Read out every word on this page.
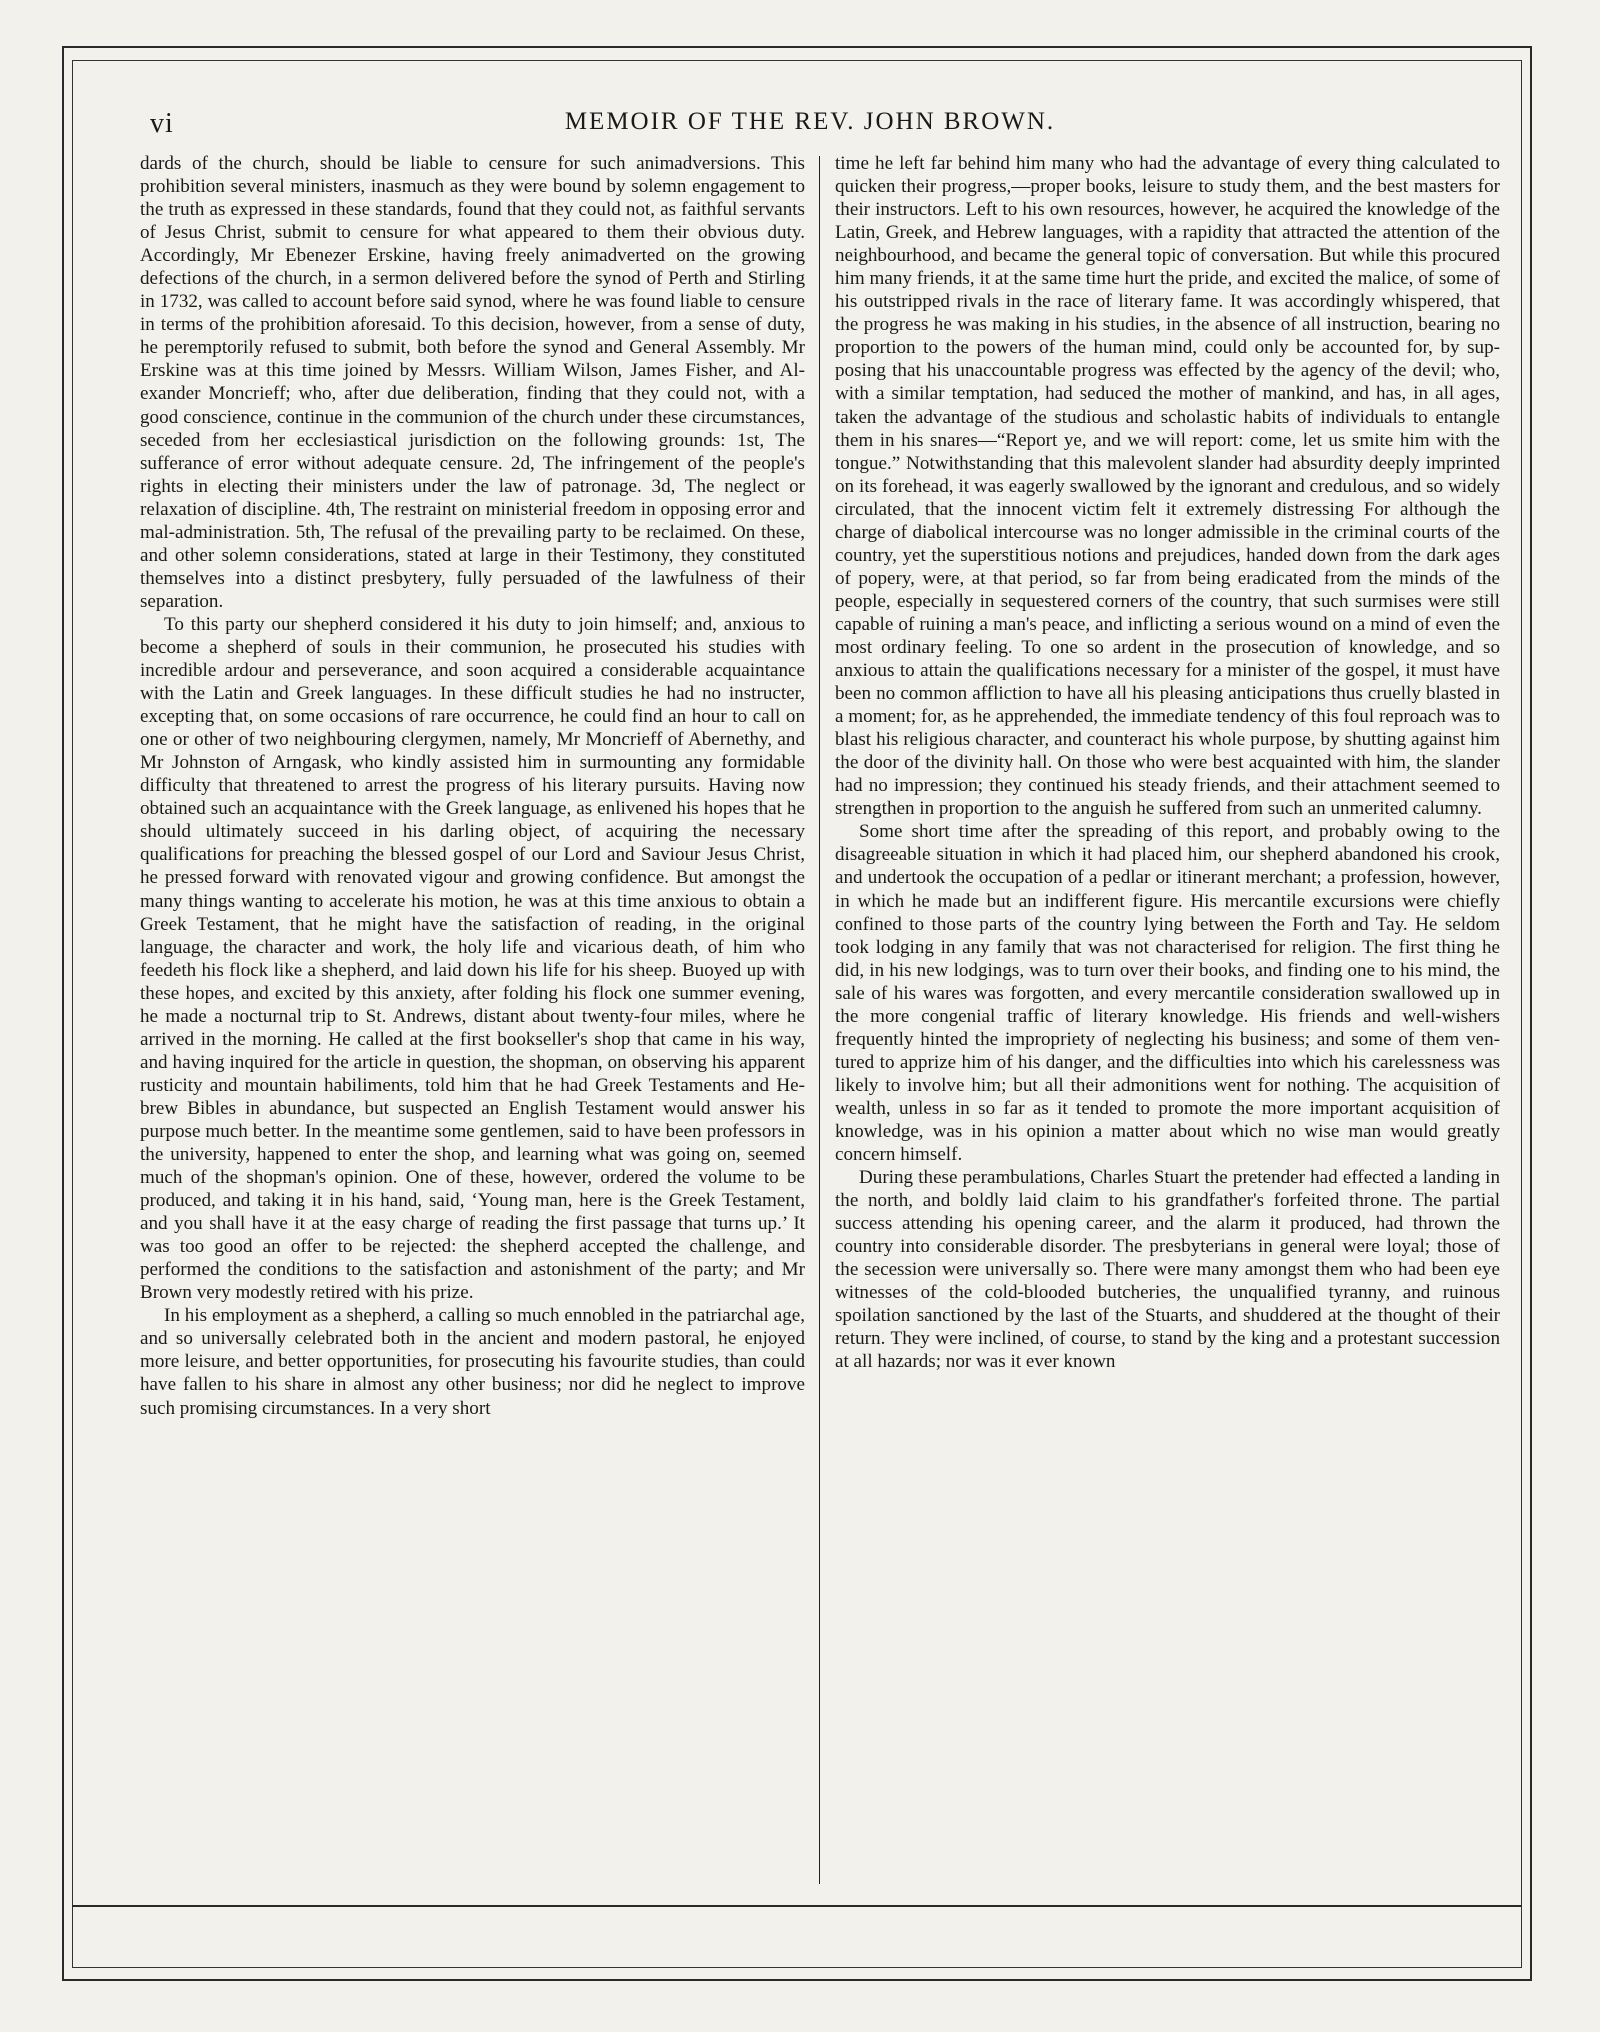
vi	MEMOIR OF THE REV. JOHN BROWN.

dards of the church, should be liable to censure for such animadversions. This prohibition several ministers, inasmuch as they were bound by solemn engagement to the truth as expressed in these standards, found that they could not, as faithful servants of Jesus Christ, submit to censure for what appeared to them their obvious duty. Accordingly, Mr Ebenezer Erskine, having freely animadverted on the growing defections of the church, in a sermon delivered before the synod of Perth and Stirling in 1732, was called to account before said synod, where he was found liable to censure in terms of the prohibition aforesaid. To this decision, however, from a sense of duty, he peremptorily refused to submit, both before the synod and General Assembly. Mr Erskine was at this time joined by Messrs. William Wilson, James Fisher, and Alexander Moncrieff; who, after due deliberation, finding that they could not, with a good conscience, continue in the communion of the church under these circumstances, seceded from her ecclesiastical jurisdiction on the following grounds: 1st, The sufferance of error without adequate censure. 2d, The infringement of the people's rights in electing their ministers under the law of patronage. 3d, The neglect or relaxation of discipline. 4th, The restraint on ministerial freedom in opposing error and mal-administration. 5th, The refusal of the prevailing party to be reclaimed. On these, and other solemn considerations, stated at large in their Testimony, they constituted themselves into a distinct presbytery, fully persuaded of the lawfulness of their separation.

To this party our shepherd considered it his duty to join himself; and, anxious to become a shepherd of souls in their communion, he prosecuted his studies with incredible ardour and perseverance, and soon acquired a considerable acquaintance with the Latin and Greek languages. In these difficult studies he had no instructer, excepting that, on some occasions of rare occurrence, he could find an hour to call on one or other of two neighbouring clergymen, namely, Mr Moncrieff of Abernethy, and Mr Johnston of Arngask, who kindly assisted him in surmounting any formidable difficulty that threatened to arrest the progress of his literary pursuits. Having now obtained such an acquaintance with the Greek language, as enlivened his hopes that he should ultimately succeed in his darling object, of acquiring the necessary qualifications for preaching the blessed gospel of our Lord and Saviour Jesus Christ, he pressed forward with renovated vigour and growing confidence. But amongst the many things wanting to accelerate his motion, he was at this time anxious to obtain a Greek Testament, that he might have the satisfaction of reading, in the original language, the character and work, the holy life and vicarious death, of him who feedeth his flock like a shepherd, and laid down his life for his sheep. Buoyed up with these hopes, and excited by this anxiety, after folding his flock one summer evening, he made a nocturnal trip to St. Andrews, distant about twenty-four miles, where he arrived in the morning. He called at the first bookseller's shop that came in his way, and having inquired for the article in question, the shopman, on observing his apparent rusticity and mountain habiliments, told him that he had Greek Testaments and Hebrew Bibles in abundance, but suspected an English Testament would answer his purpose much better. In the meantime some gentlemen, said to have been professors in the university, happened to enter the shop, and learning what was going on, seemed much of the shopman's opinion. One of these, however, ordered the volume to be produced, and taking it in his hand, said, ‘Young man, here is the Greek Testament, and you shall have it at the easy charge of reading the first passage that turns up.’ It was too good an offer to be rejected: the shepherd accepted the challenge, and performed the conditions to the satisfaction and astonishment of the party; and Mr Brown very modestly retired with his prize.

In his employment as a shepherd, a calling so much ennobled in the patriarchal age, and so universally celebrated both in the ancient and modern pastoral, he enjoyed more leisure, and better opportunities, for prosecuting his favourite studies, than could have fallen to his share in almost any other business; nor did he neglect to improve such promising circumstances. In a very short

time he left far behind him many who had the advantage of every thing calculated to quicken their progress,—proper books, leisure to study them, and the best masters for their instructors. Left to his own resources, however, he acquired the knowledge of the Latin, Greek, and Hebrew languages, with a rapidity that attracted the attention of the neighbourhood, and became the general topic of conversation. But while this procured him many friends, it at the same time hurt the pride, and excited the malice, of some of his outstripped rivals in the race of literary fame. It was accordingly whispered, that the progress he was making in his studies, in the absence of all instruction, bearing no proportion to the powers of the human mind, could only be accounted for, by supposing that his unaccountable progress was effected by the agency of the devil; who, with a similar temptation, had seduced the mother of mankind, and has, in all ages, taken the advantage of the studious and scholastic habits of individuals to entangle them in his snares—“Report ye, and we will report: come, let us smite him with the tongue.” Notwithstanding that this malevolent slander had absurdity deeply imprinted on its forehead, it was eagerly swallowed by the ignorant and credulous, and so widely circulated, that the innocent victim felt it extremely distressing For although the charge of diabolical intercourse was no longer admissible in the criminal courts of the country, yet the superstitious notions and prejudices, handed down from the dark ages of popery, were, at that period, so far from being eradicated from the minds of the people, especially in sequestered corners of the country, that such surmises were still capable of ruining a man's peace, and inflicting a serious wound on a mind of even the most ordinary feeling. To one so ardent in the prosecution of knowledge, and so anxious to attain the qualifications necessary for a minister of the gospel, it must have been no common affliction to have all his pleasing anticipations thus cruelly blasted in a moment; for, as he apprehended, the immediate tendency of this foul reproach was to blast his religious character, and counteract his whole purpose, by shutting against him the door of the divinity hall. On those who were best acquainted with him, the slander had no impression; they continued his steady friends, and their attachment seemed to strengthen in proportion to the anguish he suffered from such an unmerited calumny.

Some short time after the spreading of this report, and probably owing to the disagreeable situation in which it had placed him, our shepherd abandoned his crook, and undertook the occupation of a pedlar or itinerant merchant; a profession, however, in which he made but an indifferent figure. His mercantile excursions were chiefly confined to those parts of the country lying between the Forth and Tay. He seldom took lodging in any family that was not characterised for religion. The first thing he did, in his new lodgings, was to turn over their books, and finding one to his mind, the sale of his wares was forgotten, and every mercantile consideration swallowed up in the more congenial traffic of literary knowledge. His friends and well-wishers frequently hinted the impropriety of neglecting his business; and some of them ventured to apprize him of his danger, and the difficulties into which his carelessness was likely to involve him; but all their admonitions went for nothing. The acquisition of wealth, unless in so far as it tended to promote the more important acquisition of knowledge, was in his opinion a matter about which no wise man would greatly concern himself.

During these perambulations, Charles Stuart the pretender had effected a landing in the north, and boldly laid claim to his grandfather's forfeited throne. The partial success attending his opening career, and the alarm it produced, had thrown the country into considerable disorder. The presbyterians in general were loyal; those of the secession were universally so. There were many amongst them who had been eye witnesses of the cold-blooded butcheries, the unqualified tyranny, and ruinous spoilation sanctioned by the last of the Stuarts, and shuddered at the thought of their return. They were inclined, of course, to stand by the king and a protestant succession at all hazards; nor was it ever known
